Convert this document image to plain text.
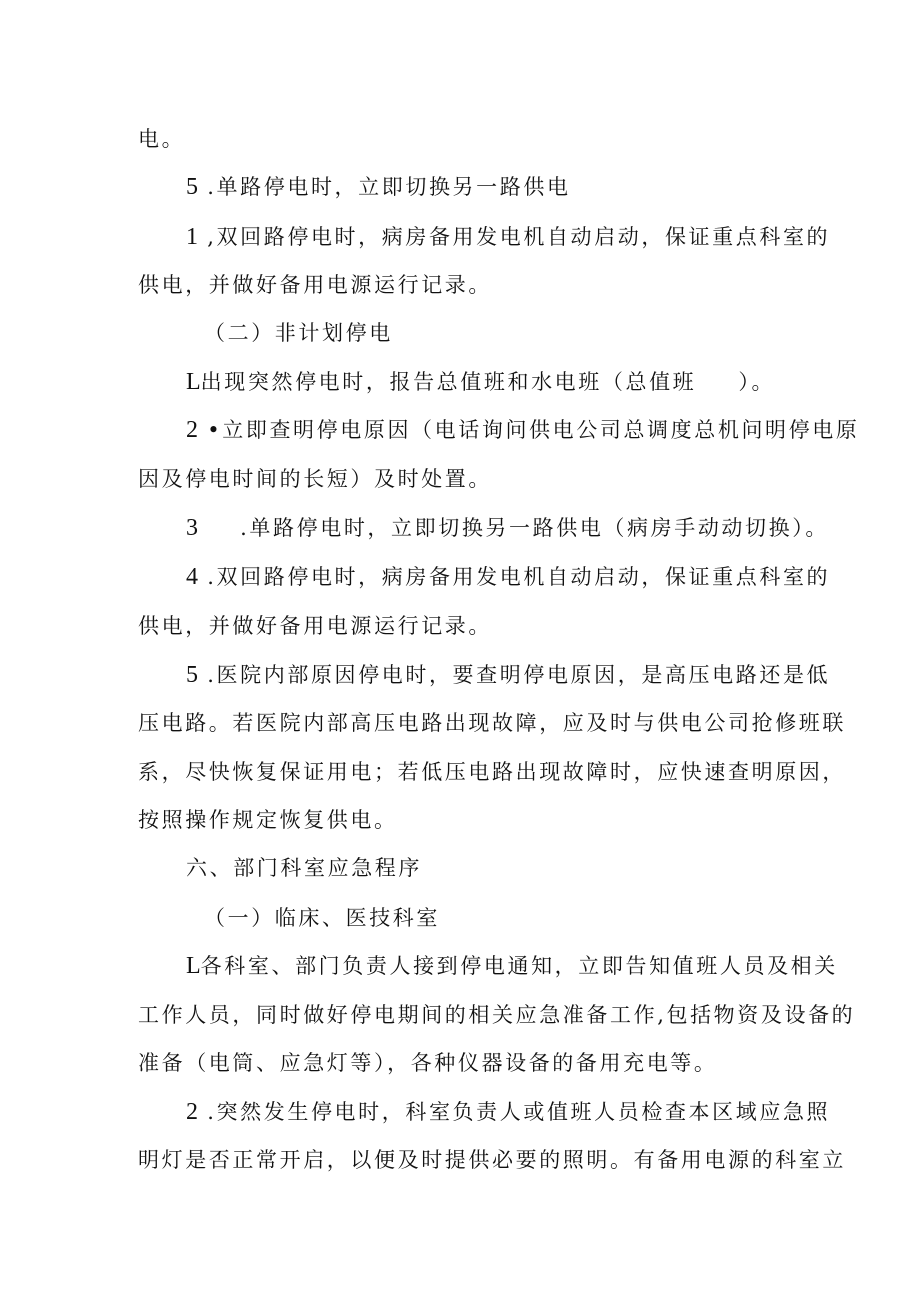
电。
5 .单路停电时，立即切换另一路供电
1 ,双回路停电时，病房备用发电机自动启动，保证重点科室的
供电，并做好备用电源运行记录。
（二）非计划停电
L出现突然停电时，报告总值班和水电班（总值班 　 ）。
2 •立即查明停电原因（电话询问供电公司总调度总机问明停电原
因及停电时间的长短）及时处置。
3 　 .单路停电时，立即切换另一路供电（病房手动动切换）。
4 .双回路停电时，病房备用发电机自动启动，保证重点科室的
供电，并做好备用电源运行记录。
5 .医院内部原因停电时，要查明停电原因，是高压电路还是低
压电路。若医院内部高压电路出现故障，应及时与供电公司抢修班联
系，尽快恢复保证用电；若低压电路出现故障时，应快速查明原因，
按照操作规定恢复供电。
六、部门科室应急程序
（一）临床、医技科室
L各科室、部门负责人接到停电通知，立即告知值班人员及相关
工作人员，同时做好停电期间的相关应急准备工作,包括物资及设备的
准备（电筒、应急灯等），各种仪器设备的备用充电等。
2 .突然发生停电时，科室负责人或值班人员检查本区域应急照
明灯是否正常开启，以便及时提供必要的照明。有备用电源的科室立
